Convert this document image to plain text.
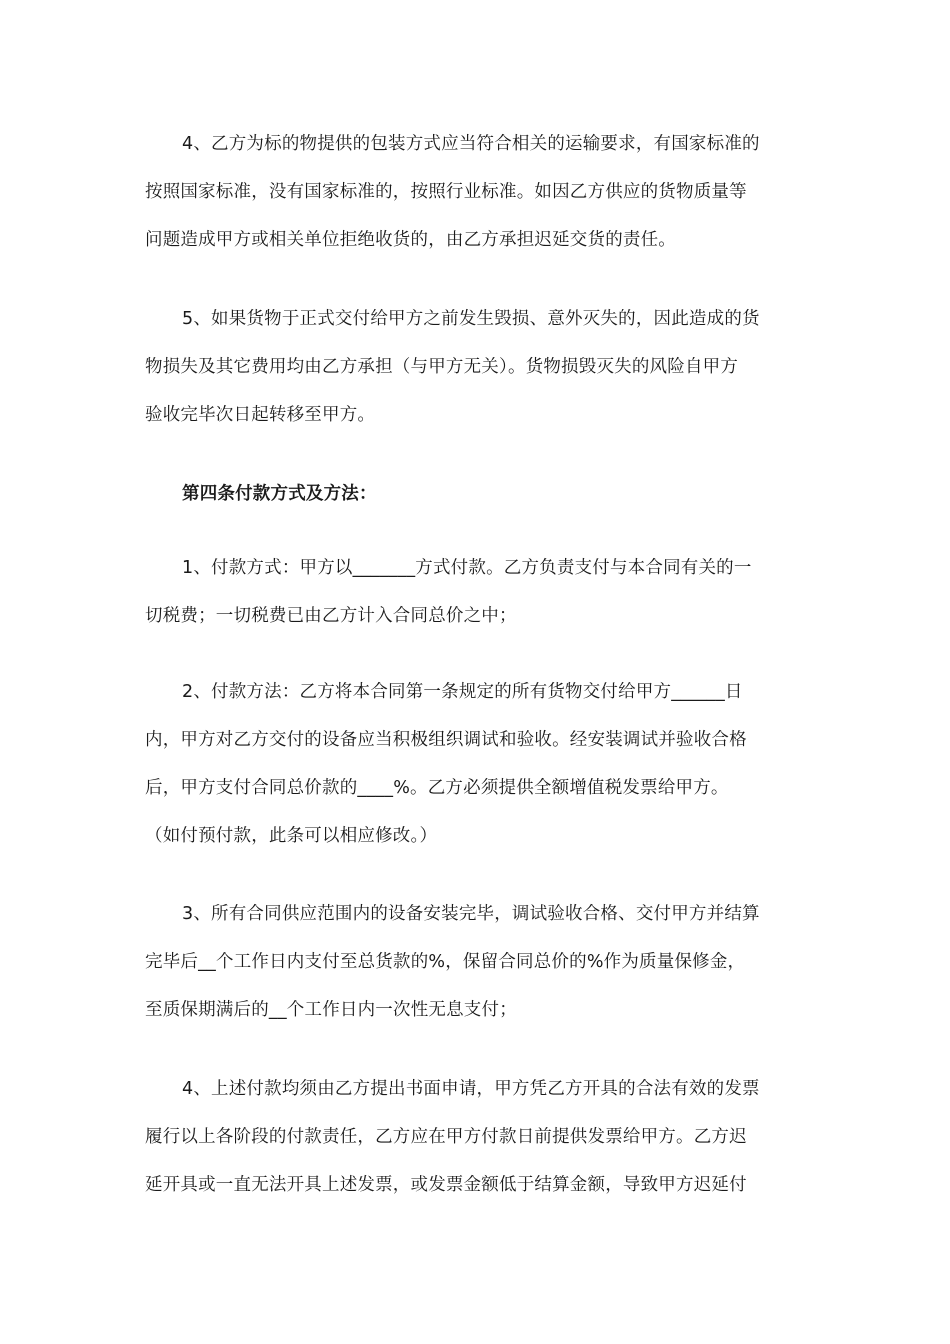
4、乙方为标的物提供的包装方式应当符合相关的运输要求，有国家标准的
按照国家标准，没有国家标准的，按照行业标准。如因乙方供应的货物质量等
问题造成甲方或相关单位拒绝收货的，由乙方承担迟延交货的责任。
5、如果货物于正式交付给甲方之前发生毁损、意外灭失的，因此造成的货
物损失及其它费用均由乙方承担（与甲方无关）。货物损毁灭失的风险自甲方
验收完毕次日起转移至甲方。
第四条付款方式及方法：
1、付款方式：甲方以_______方式付款。乙方负责支付与本合同有关的一
切税费；一切税费已由乙方计入合同总价之中；
2、付款方法：乙方将本合同第一条规定的所有货物交付给甲方______日
内，甲方对乙方交付的设备应当积极组织调试和验收。经安装调试并验收合格
后，甲方支付合同总价款的____%。乙方必须提供全额增值税发票给甲方。
（如付预付款，此条可以相应修改。）
3、所有合同供应范围内的设备安装完毕，调试验收合格、交付甲方并结算
完毕后__个工作日内支付至总货款的%，保留合同总价的%作为质量保修金，
至质保期满后的__个工作日内一次性无息支付；
4、上述付款均须由乙方提出书面申请，甲方凭乙方开具的合法有效的发票
履行以上各阶段的付款责任，乙方应在甲方付款日前提供发票给甲方。乙方迟
延开具或一直无法开具上述发票，或发票金额低于结算金额，导致甲方迟延付
